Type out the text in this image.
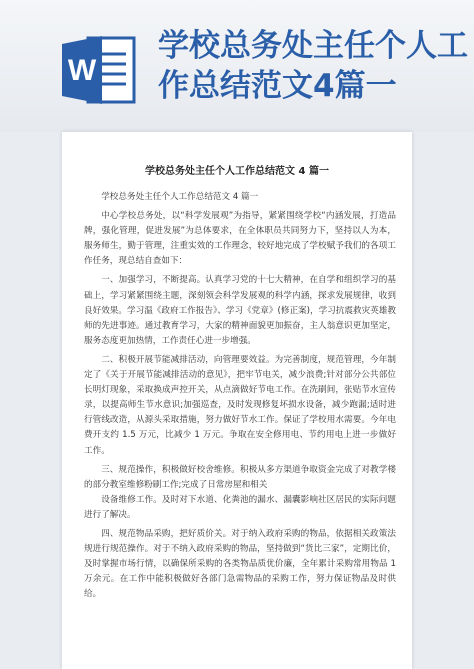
W
学校总务处主任个人工作总结范文4篇一
学校总务处主任个人工作总结范文 4 篇一

学校总务处主任个人工作总结范文 4 篇一

中心学校总务处，以“科学发展观”为指导，紧紧围绕学校“内涵发展，打造品牌，强化管理，促进发展”为总体要求，在全体职员共同努力下，坚持以人为本，服务师生，勤于管理，注重实效的工作理念，较好地完成了学校赋予我们的各项工作任务，现总结自查如下：

一、加强学习，不断提高。认真学习党的十七大精神，在自学和组织学习的基础上，学习紧紧围绕主题，深刻领会科学发展观的科学内涵，探求发展规律，收到良好效果。学习温《政府工作报告》、学习《党章》(修正案)，学习抗震救灾英雄教师的先进事迹。通过教育学习，大家的精神面貌更加振奋，主人翁意识更加坚定，服务态度更加热情，工作责任心进一步增强。

二、积极开展节能减排活动，向管理要效益。为完善制度，规范管理，今年制定了《关于开展节能减排活动的意见》，把牢节电关，减少浪费;针对部分公共部位长明灯现象，采取换成声控开关，从点滴做好节电工作。在洗刷间，张贴节水宣传录，以提高师生节水意识;加强巡查，及时发现修复坏损水设备，减少跑漏;适时进行管线改造，从源头采取措施，努力做好节水工作。保证了学校用水需要。今年电费开支约 1.5 万元，比减少 1 万元。争取在安全修用电、节约用电上进一步做好工作。

三、规范操作，积极做好校舍维修。积极从多方渠道争取资金完成了对教学楼的部分教室维修粉刷工作;完成了日常房屋和相关

设备维修工作。及时对下水道、化粪池的漏水、漏囊影响社区居民的实际问题进行了解决。

四、规范物品采购，把好质价关。对于纳入政府采购的物品，依据相关政策法规进行规范操作。对于不纳入政府采购的物品，坚持做到“货比三家”，定期比价，及时掌握市场行情，以确保所采购的各类物品质优价廉，全年累计采购常用物品 1 万余元。在工作中能积极做好各部门急需物品的采购工作，努力保证物品及时供给。
